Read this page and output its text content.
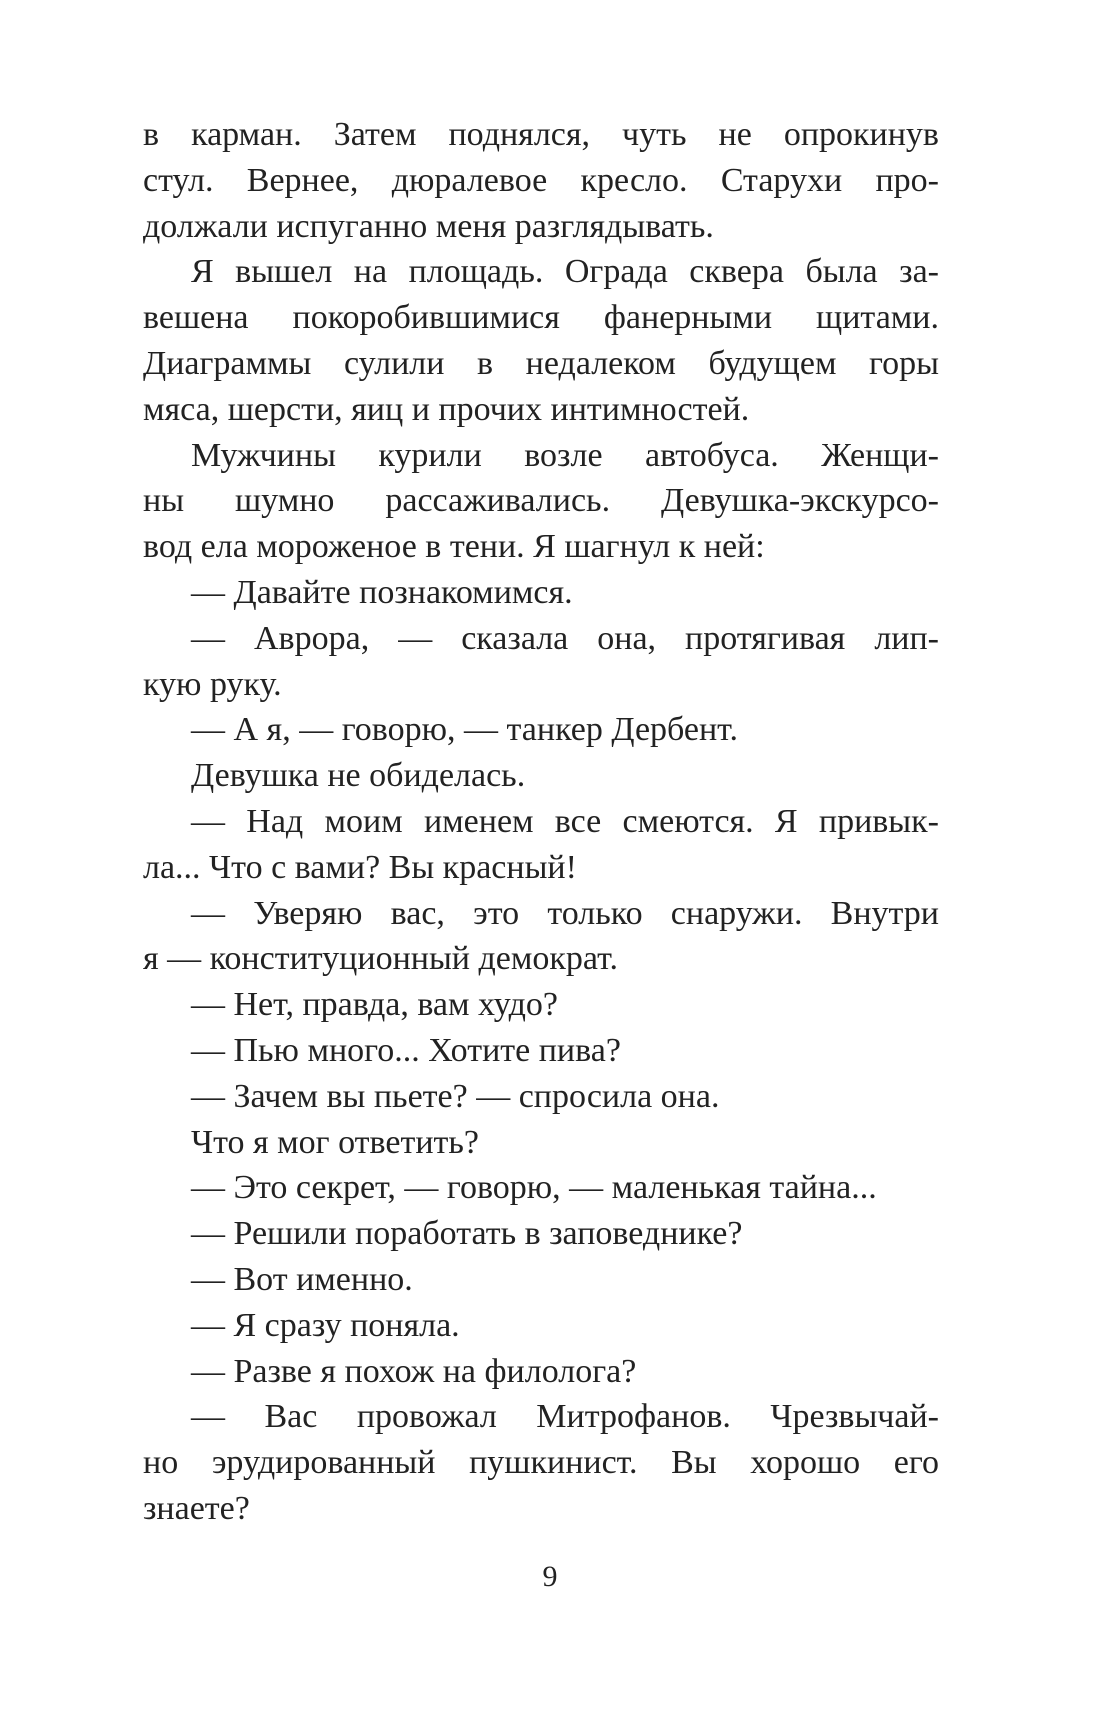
в карман. Затем поднялся, чуть не опрокинув
стул. Вернее, дюралевое кресло. Старухи про-
должали испуганно меня разглядывать.
Я вышел на площадь. Ограда сквера была за-
вешена покоробившимися фанерными щитами.
Диаграммы сулили в недалеком будущем горы
мяса, шерсти, яиц и прочих интимностей.
Мужчины курили возле автобуса. Женщи-
ны шумно рассаживались. Девушка-экскурсо-
вод ела мороженое в тени. Я шагнул к ней:
— Давайте познакомимся.
— Аврора, — сказала она, протягивая лип-
кую руку.
— А я, — говорю, — танкер Дербент.
Девушка не обиделась.
— Над моим именем все смеются. Я привык-
ла... Что с вами? Вы красный!
— Уверяю вас, это только снаружи. Внутри
я — конституционный демократ.
— Нет, правда, вам худо?
— Пью много... Хотите пива?
— Зачем вы пьете? — спросила она.
Что я мог ответить?
— Это секрет, — говорю, — маленькая тайна...
— Решили поработать в заповеднике?
— Вот именно.
— Я сразу поняла.
— Разве я похож на филолога?
— Вас провожал Митрофанов. Чрезвычай-
но эрудированный пушкинист. Вы хорошо его
знаете?
9
